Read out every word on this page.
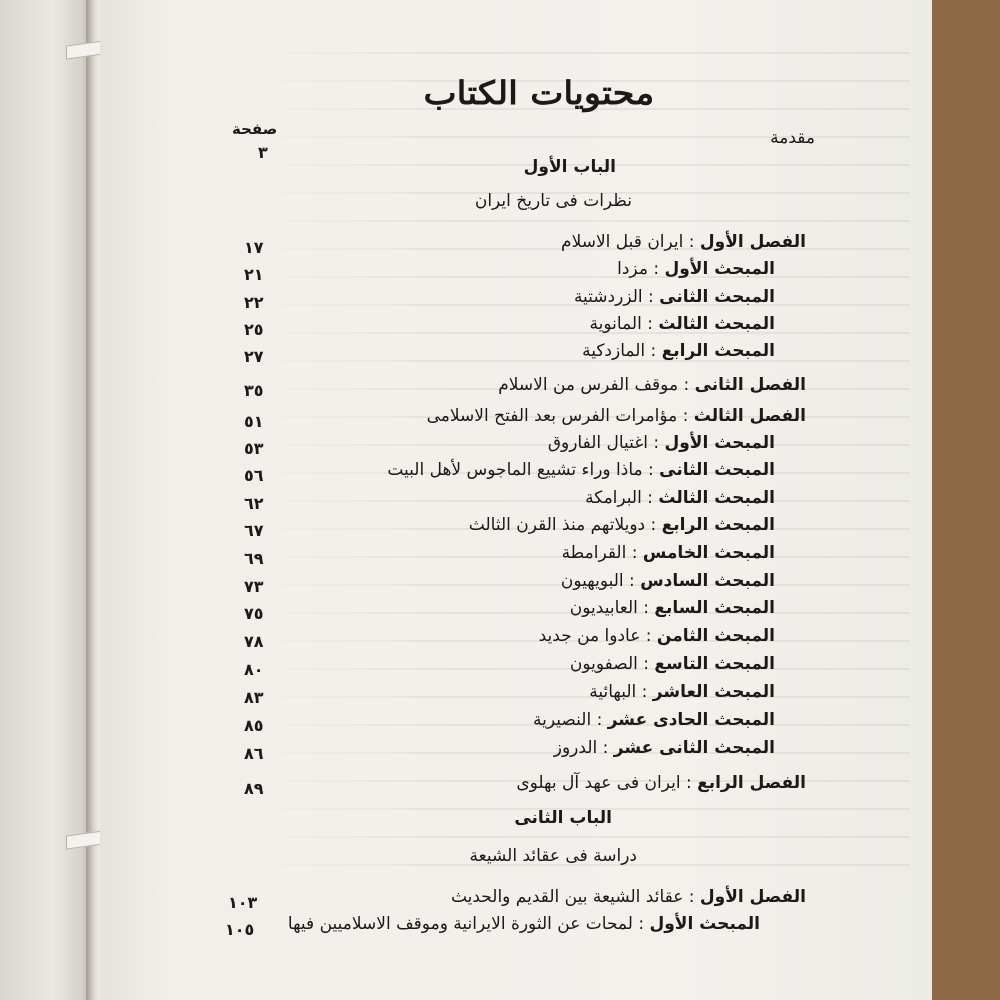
محتويات الكتاب
صفحة	مقدمة
٣
الباب الأول
نظرات فى تاريخ ايران
الفصل الأول : ايران قبل الاسلام
١٧
المبحث الأول : مزدا
٢١
المبحث الثانى : الزردشتية
٢٢
المبحث الثالث : المانوية
٢٥
المبحث الرابع : المازدكية
٢٧
الفصل الثانى : موقف الفرس من الاسلام
٣٥
الفصل الثالث : مؤامرات الفرس بعد الفتح الاسلامى
٥١
المبحث الأول : اغتيال الفاروق
٥٣
المبحث الثانى : ماذا وراء تشييع الماجوس لأهل البيت
٥٦
المبحث الثالث : البرامكة
٦٢
المبحث الرابع : دويلاتهم منذ القرن الثالث
٦٧
المبحث الخامس : القرامطة
٦٩
المبحث السادس : البويهيون
٧٣
المبحث السابع : العابيديون
٧٥
المبحث الثامن : عادوا من جديد
٧٨
المبحث التاسع : الصفويون
٨٠
المبحث العاشر : البهائية
٨٣
المبحث الحادى عشر : النصيرية
٨٥
المبحث الثانى عشر : الدروز
٨٦
الفصل الرابع : ايران فى عهد آل بهلوى
٨٩
الباب الثانى
دراسة فى عقائد الشيعة
الفصل الأول : عقائد الشيعة بين القديم والحديث
١٠٣
المبحث الأول : لمحات عن الثورة الايرانية وموقف الاسلاميين فيها
١٠٥
